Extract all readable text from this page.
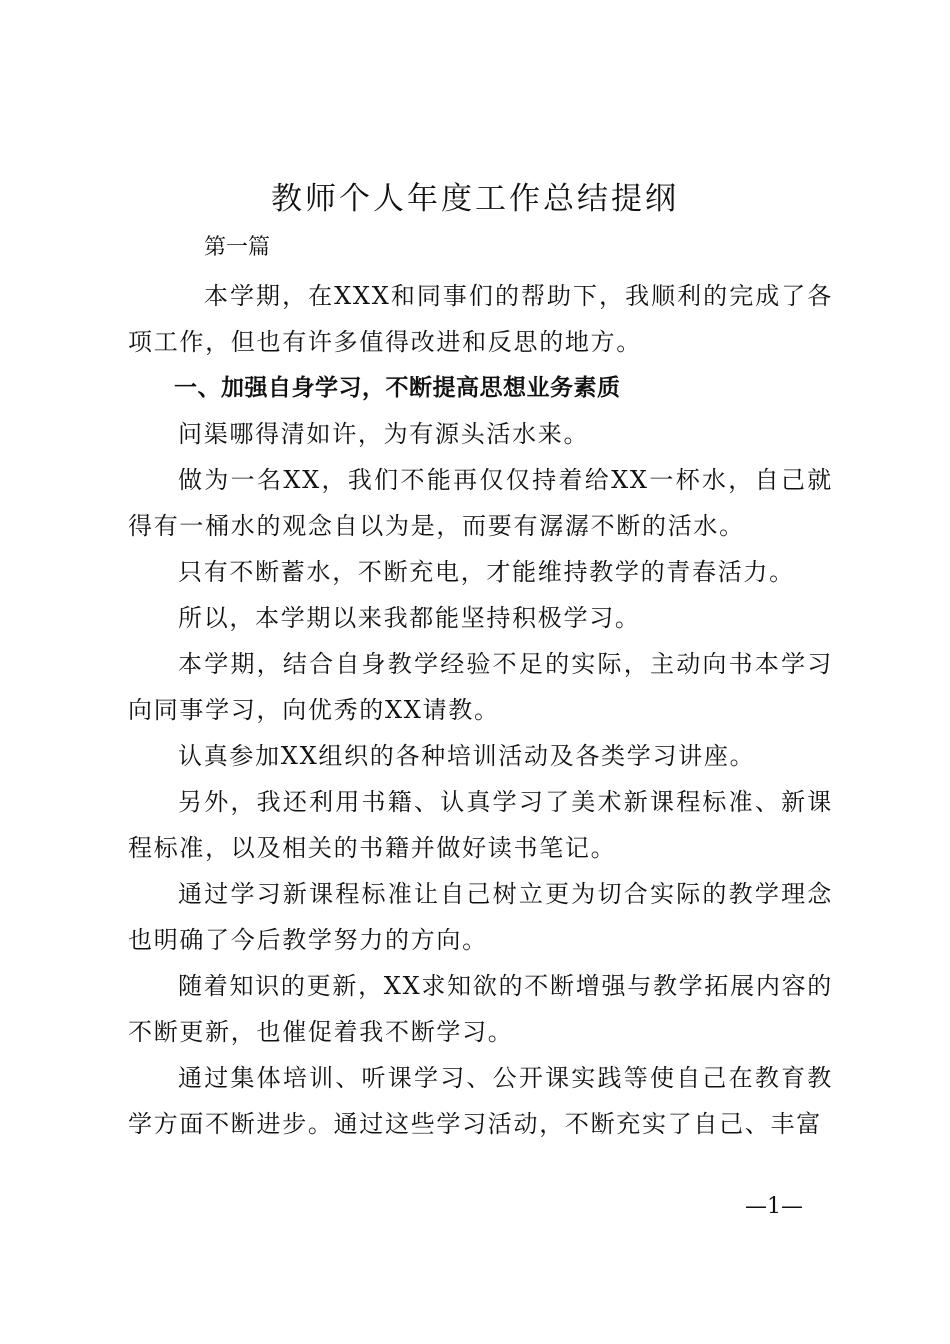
教师个人年度工作总结提纲

第一篇

本学期，在XXX和同事们的帮助下，我顺利的完成了各项工作，但也有许多值得改进和反思的地方。

一、加强自身学习，不断提高思想业务素质

问渠哪得清如许，为有源头活水来。

做为一名XX，我们不能再仅仅持着给XX一杯水，自己就得有一桶水的观念自以为是，而要有潺潺不断的活水。

只有不断蓄水，不断充电，才能维持教学的青春活力。

所以，本学期以来我都能坚持积极学习。

本学期，结合自身教学经验不足的实际，主动向书本学习向同事学习，向优秀的XX请教。

认真参加XX组织的各种培训活动及各类学习讲座。

另外，我还利用书籍、认真学习了美术新课程标准、新课程标准，以及相关的书籍并做好读书笔记。

通过学习新课程标准让自己树立更为切合实际的教学理念也明确了今后教学努力的方向。

随着知识的更新，XX求知欲的不断增强与教学拓展内容的不断更新，也催促着我不断学习。

通过集体培训、听课学习、公开课实践等使自己在教育教学方面不断进步。通过这些学习活动，不断充实了自己、丰富

—1—
